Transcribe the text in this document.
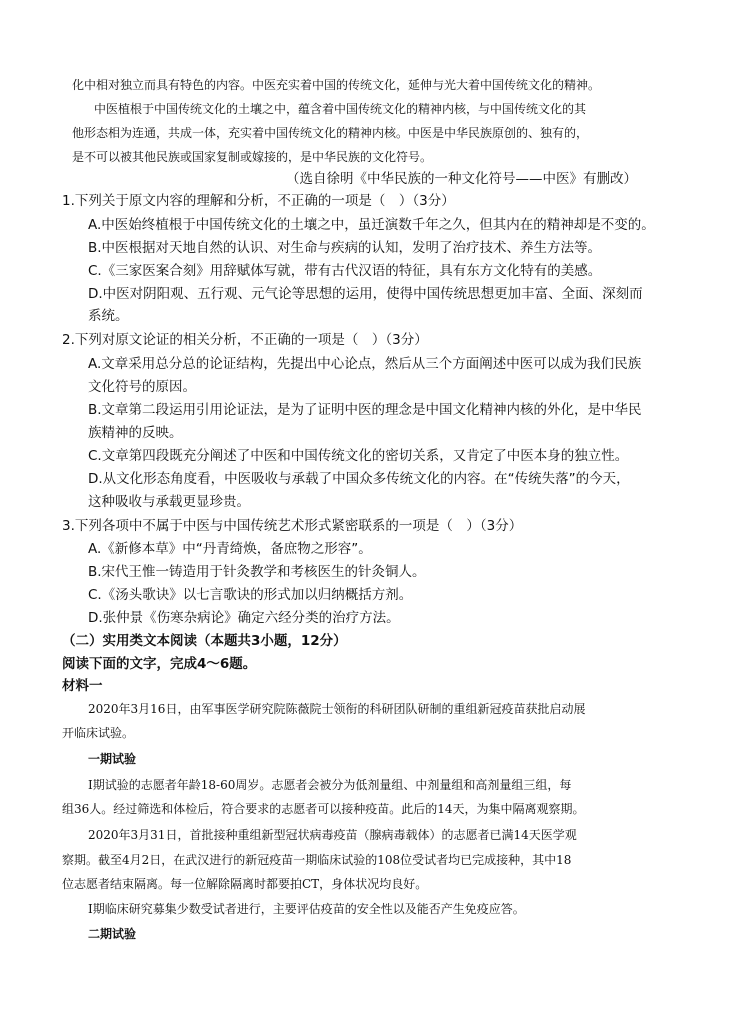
化中相对独立而具有特色的内容。中医充实着中国的传统文化，延伸与光大着中国传统文化的精神。
中医植根于中国传统文化的土壤之中，蕴含着中国传统文化的精神内核，与中国传统文化的其
他形态相为连通，共成一体，充实着中国传统文化的精神内核。中医是中华民族原创的、独有的，
是不可以被其他民族或国家复制或嫁接的，是中华民族的文化符号。
（选自徐明《中华民族的一种文化符号——中医》有删改）
1.下列关于原文内容的理解和分析，不正确的一项是（　）（3分）
A.中医始终植根于中国传统文化的土壤之中，虽迁演数千年之久，但其内在的精神却是不变的。
B.中医根据对天地自然的认识、对生命与疾病的认知，发明了治疗技术、养生方法等。
C.《三家医案合刻》用辞赋体写就，带有古代汉语的特征，具有东方文化特有的美感。
D.中医对阴阳观、五行观、元气论等思想的运用，使得中国传统思想更加丰富、全面、深刻而
系统。
2.下列对原文论证的相关分析，不正确的一项是（　）（3分）
A.文章采用总分总的论证结构，先提出中心论点，然后从三个方面阐述中医可以成为我们民族
文化符号的原因。
B.文章第二段运用引用论证法，是为了证明中医的理念是中国文化精神内核的外化，是中华民
族精神的反映。
C.文章第四段既充分阐述了中医和中国传统文化的密切关系，又肯定了中医本身的独立性。
D.从文化形态角度看，中医吸收与承载了中国众多传统文化的内容。在“传统失落”的今天，
这种吸收与承载更显珍贵。
3.下列各项中不属于中医与中国传统艺术形式紧密联系的一项是（　）（3分）
A.《新修本草》中“丹青绮焕，备庶物之形容”。
B.宋代王惟一铸造用于针灸教学和考核医生的针灸铜人。
C.《汤头歌诀》以七言歌诀的形式加以归纳概括方剂。
D.张仲景《伤寒杂病论》确定六经分类的治疗方法。
（二）实用类文本阅读（本题共3小题，12分）
阅读下面的文字，完成4～6题。
材料一
2020年3月16日，由军事医学研究院陈薇院士领衔的科研团队研制的重组新冠疫苗获批启动展
开临床试验。
一期试验
Ⅰ期试验的志愿者年龄18-60周岁。志愿者会被分为低剂量组、中剂量组和高剂量组三组，每
组36人。经过筛选和体检后，符合要求的志愿者可以接种疫苗。此后的14天，为集中隔离观察期。
2020年3月31日，首批接种重组新型冠状病毒疫苗（腺病毒载体）的志愿者已满14天医学观
察期。截至4月2日，在武汉进行的新冠疫苗一期临床试验的108位受试者均已完成接种，其中18
位志愿者结束隔离。每一位解除隔离时都要拍CT，身体状况均良好。
Ⅰ期临床研究募集少数受试者进行，主要评估疫苗的安全性以及能否产生免疫应答。
二期试验
